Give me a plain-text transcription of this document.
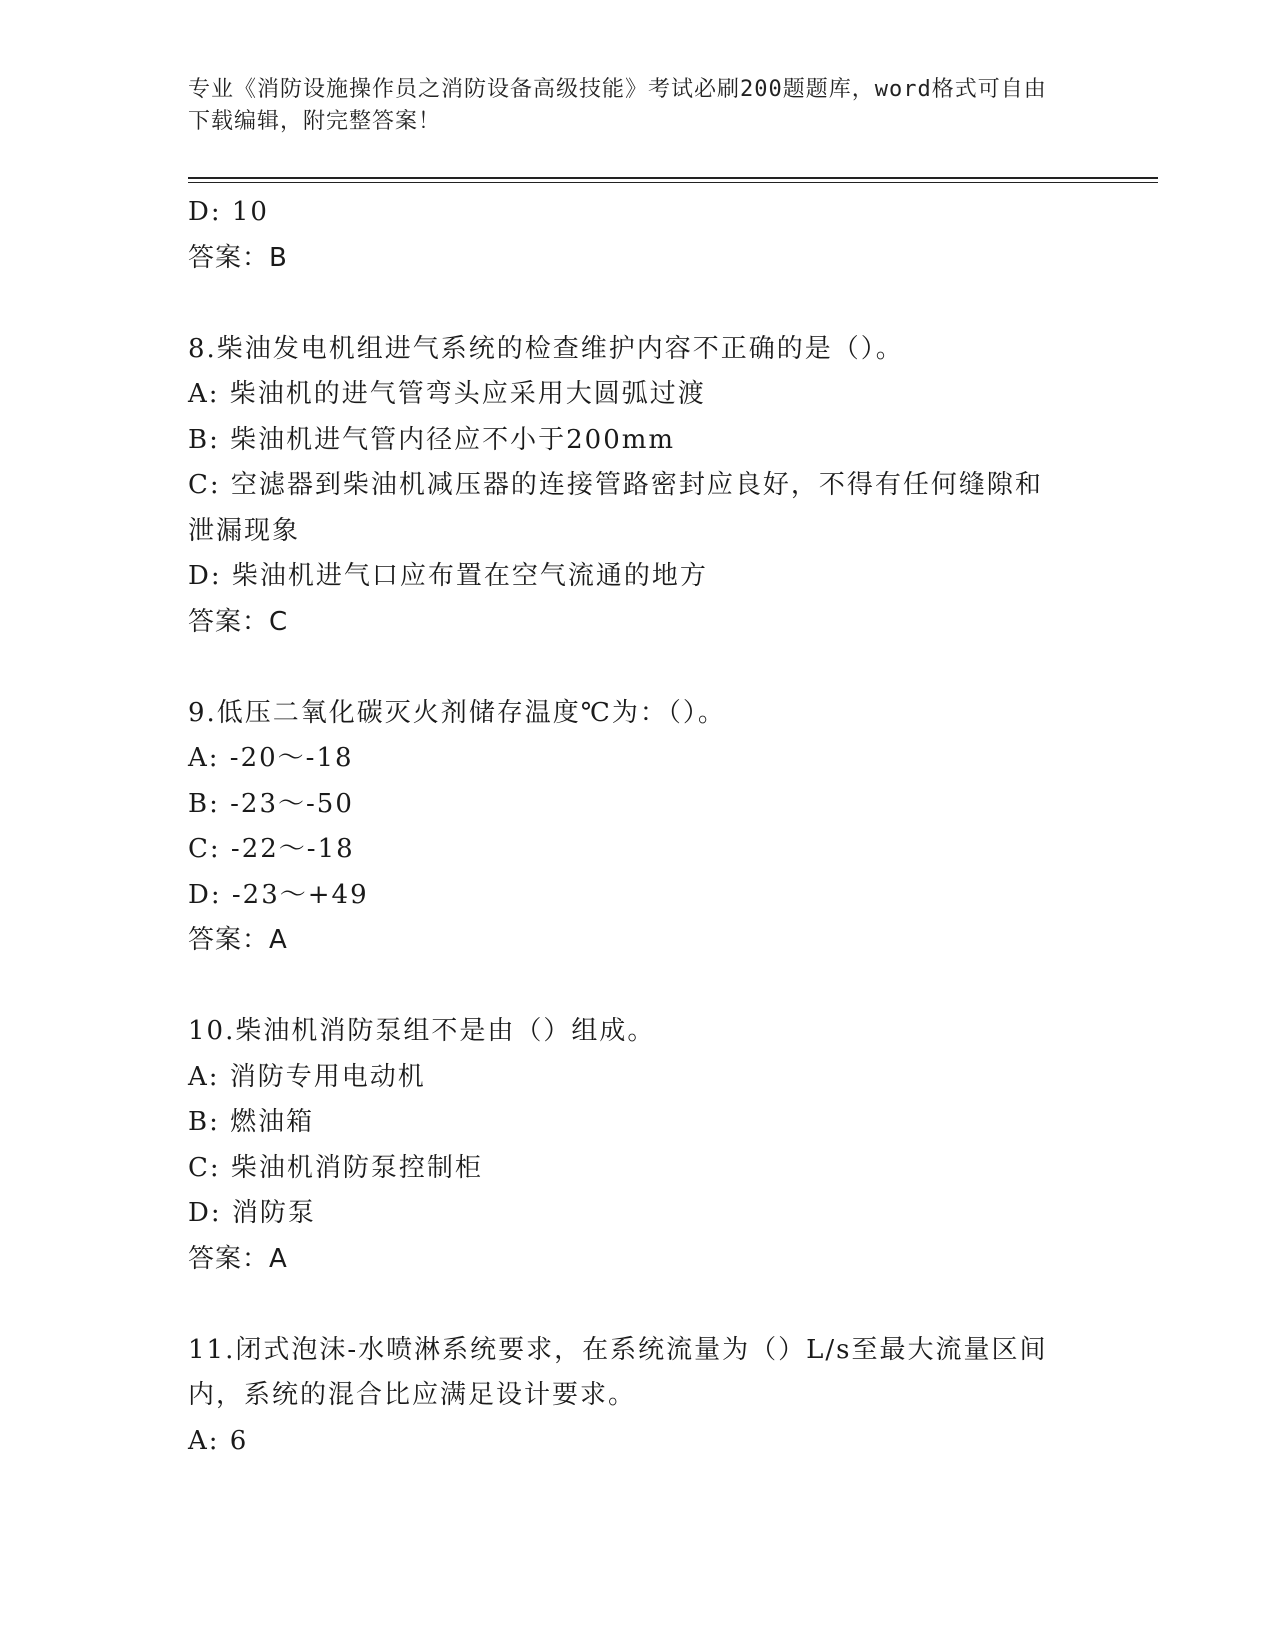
专业《消防设施操作员之消防设备高级技能》考试必刷200题题库，word格式可自由下载编辑，附完整答案！
D: 10
答案：B
8.柴油发电机组进气系统的检查维护内容不正确的是（）。
A: 柴油机的进气管弯头应采用大圆弧过渡
B: 柴油机进气管内径应不小于200mm
C: 空滤器到柴油机减压器的连接管路密封应良好，不得有任何缝隙和
泄漏现象
D: 柴油机进气口应布置在空气流通的地方
答案：C
9.低压二氧化碳灭火剂储存温度℃为：（）。
A: -20～-18
B: -23～-50
C: -22～-18
D: -23～+49
答案：A
10.柴油机消防泵组不是由（）组成。
A: 消防专用电动机
B: 燃油箱
C: 柴油机消防泵控制柜
D: 消防泵
答案：A
11.闭式泡沫-水喷淋系统要求，在系统流量为（）L/s至最大流量区间
内，系统的混合比应满足设计要求。
A: 6
